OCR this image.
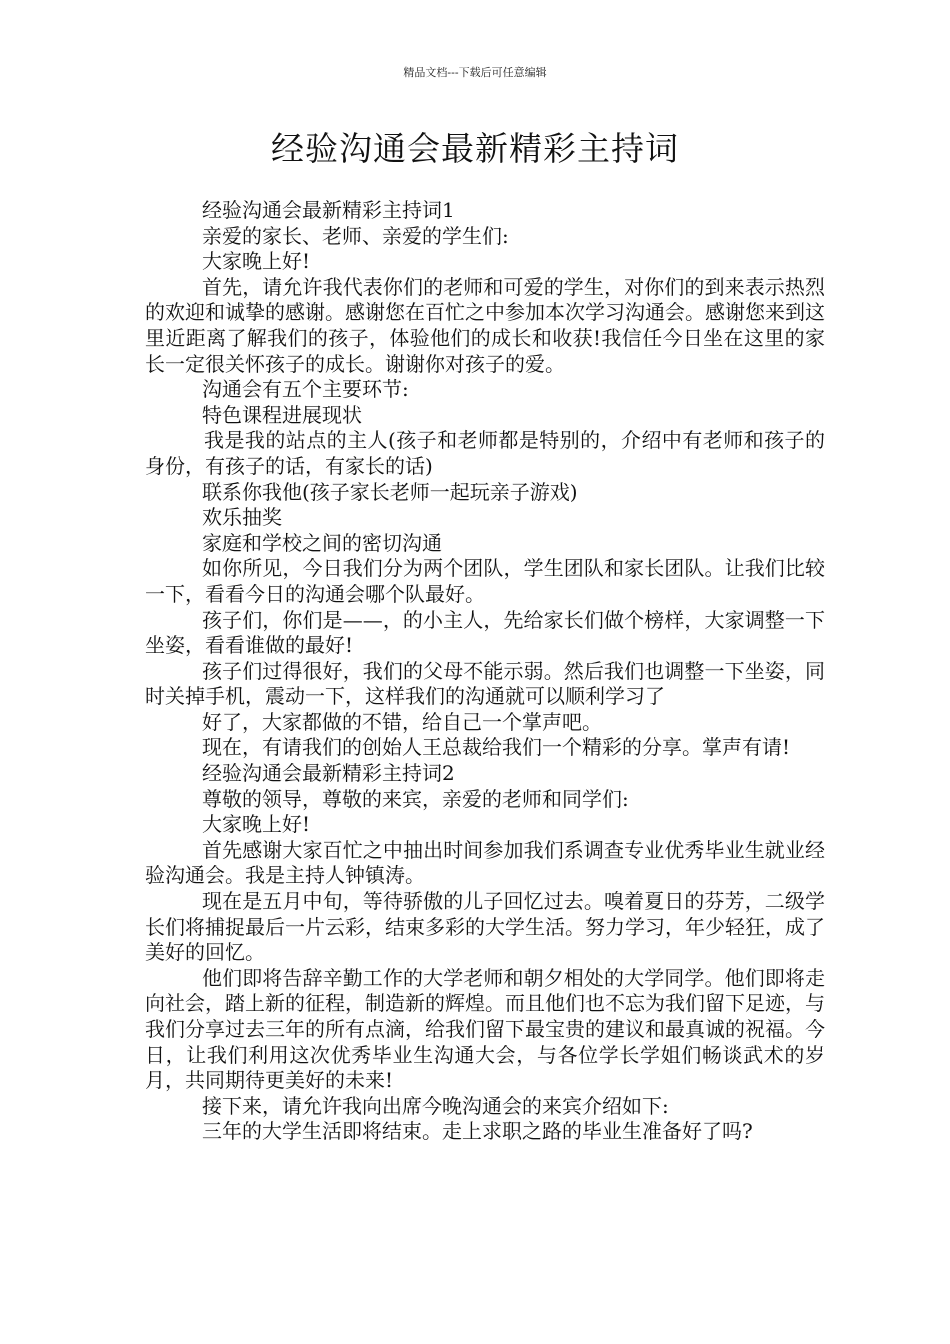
精品文档---下载后可任意编辑
经验沟通会最新精彩主持词

经验沟通会最新精彩主持词1

亲爱的家长、老师、亲爱的学生们:

大家晚上好!

首先，请允许我代表你们的老师和可爱的学生，对你们的到来表示热烈的欢迎和诚挚的感谢。感谢您在百忙之中参加本次学习沟通会。感谢您来到这里近距离了解我们的孩子，体验他们的成长和收获!我信任今日坐在这里的家长一定很关怀孩子的成长。谢谢你对孩子的爱。

沟通会有五个主要环节:

特色课程进展现状

我是我的站点的主人(孩子和老师都是特别的，介绍中有老师和孩子的身份，有孩子的话，有家长的话)

联系你我他(孩子家长老师一起玩亲子游戏)

欢乐抽奖

家庭和学校之间的密切沟通

如你所见，今日我们分为两个团队，学生团队和家长团队。让我们比较一下，看看今日的沟通会哪个队最好。

孩子们，你们是——，的小主人，先给家长们做个榜样，大家调整一下坐姿，看看谁做的最好!

孩子们过得很好，我们的父母不能示弱。然后我们也调整一下坐姿，同时关掉手机，震动一下，这样我们的沟通就可以顺利学习了

好了，大家都做的不错，给自己一个掌声吧。

现在，有请我们的创始人王总裁给我们一个精彩的分享。掌声有请!

经验沟通会最新精彩主持词2

尊敬的领导，尊敬的来宾，亲爱的老师和同学们:

大家晚上好!

首先感谢大家百忙之中抽出时间参加我们系调查专业优秀毕业生就业经验沟通会。我是主持人钟镇涛。

现在是五月中旬，等待骄傲的儿子回忆过去。嗅着夏日的芬芳，二级学长们将捕捉最后一片云彩，结束多彩的大学生活。努力学习，年少轻狂，成了美好的回忆。

他们即将告辞辛勤工作的大学老师和朝夕相处的大学同学。他们即将走向社会，踏上新的征程，制造新的辉煌。而且他们也不忘为我们留下足迹，与我们分享过去三年的所有点滴，给我们留下最宝贵的建议和最真诚的祝福。今日，让我们利用这次优秀毕业生沟通大会，与各位学长学姐们畅谈武术的岁月，共同期待更美好的未来!

接下来，请允许我向出席今晚沟通会的来宾介绍如下:

三年的大学生活即将结束。走上求职之路的毕业生准备好了吗?
